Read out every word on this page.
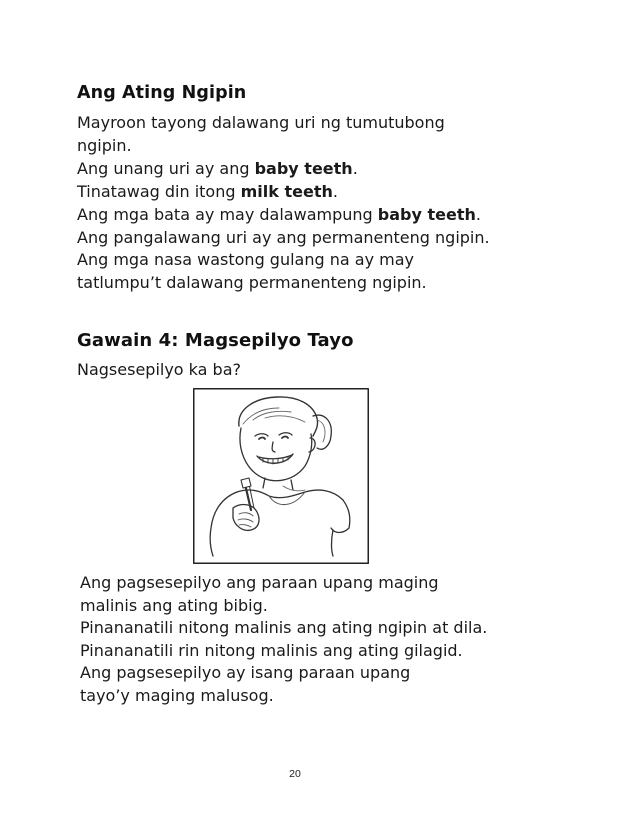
Ang Ating Ngipin
Mayroon tayong dalawang uri ng tumutubong
ngipin.
Ang unang uri ay ang baby teeth.
Tinatawag din itong milk teeth.
Ang mga bata ay may dalawampung baby teeth.
Ang pangalawang uri ay ang permanenteng ngipin.
Ang mga nasa wastong gulang na ay may
tatlumpu’t dalawang permanenteng ngipin.
Gawain 4: Magsepilyo Tayo
Nagsesepilyo ka ba?
Ang pagsesepilyo ang paraan upang maging
malinis ang ating bibig.
Pinananatili nitong malinis ang ating ngipin at dila.
Pinananatili rin nitong malinis ang ating gilagid.
Ang pagsesepilyo ay isang paraan upang
tayo’y maging malusog.
20
